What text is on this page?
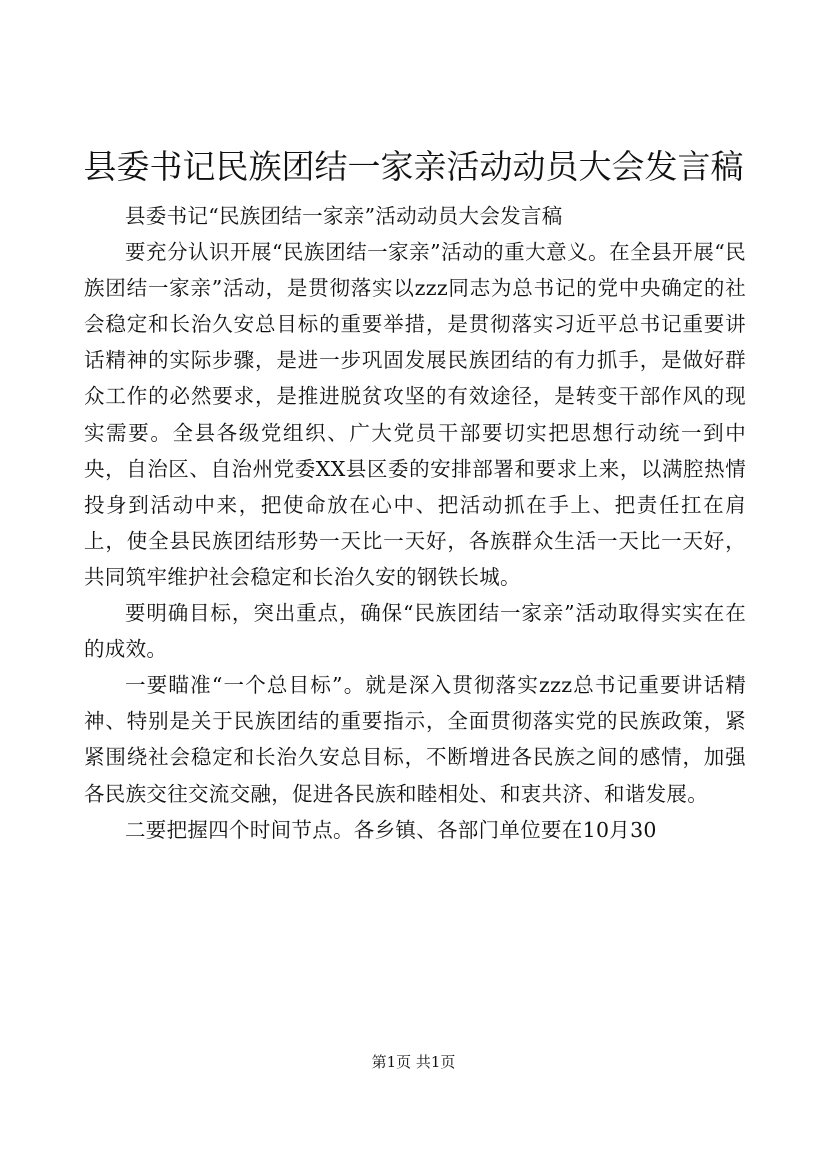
县委书记民族团结一家亲活动动员大会发言稿

县委书记“民族团结一家亲”活动动员大会发言稿

要充分认识开展“民族团结一家亲”活动的重大意义。在全县开展“民族团结一家亲”活动，是贯彻落实以zzz同志为总书记的党中央确定的社会稳定和长治久安总目标的重要举措，是贯彻落实习近平总书记重要讲话精神的实际步骤，是进一步巩固发展民族团结的有力抓手，是做好群众工作的必然要求，是推进脱贫攻坚的有效途径，是转变干部作风的现实需要。全县各级党组织、广大党员干部要切实把思想行动统一到中央，自治区、自治州党委XX县区委的安排部署和要求上来，以满腔热情投身到活动中来，把使命放在心中、把活动抓在手上、把责任扛在肩上，使全县民族团结形势一天比一天好，各族群众生活一天比一天好，共同筑牢维护社会稳定和长治久安的钢铁长城。

要明确目标，突出重点，确保“民族团结一家亲”活动取得实实在在的成效。

一要瞄准“一个总目标”。就是深入贯彻落实zzz总书记重要讲话精神、特别是关于民族团结的重要指示，全面贯彻落实党的民族政策，紧紧围绕社会稳定和长治久安总目标，不断增进各民族之间的感情，加强各民族交往交流交融，促进各民族和睦相处、和衷共济、和谐发展。

二要把握四个时间节点。各乡镇、各部门单位要在10月30

第1页 共1页
